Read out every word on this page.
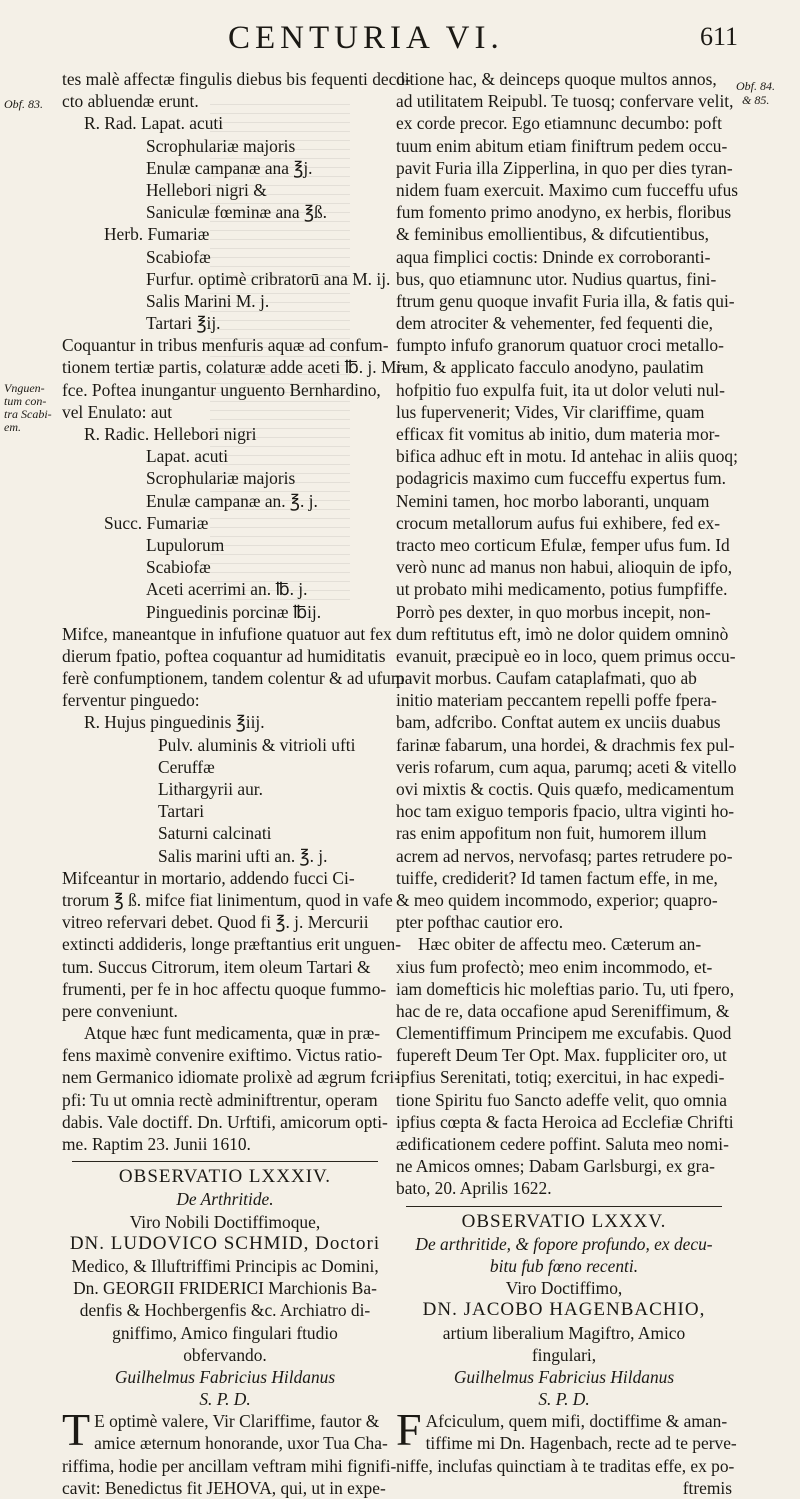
CENTURIA VI.	611
Obf. 83.
Obf. 84.
& 85.
Vnguen-
tum con-
tra Scabi-
em.
tes malè affectæ fingulis diebus bis fequenti deco-
cto abluendæ erunt.
R. Rad. Lapat. acuti
Scrophulariæ majoris
Enulæ campanæ ana ℥j.
Hellebori nigri &
Saniculæ fœminæ ana ℥ß.
Herb. Fumariæ
Scabiofæ
Furfur. optimè cribratorū ana M. ij.
Salis Marini M. j.
Tartari ℥ij.
Coquantur in tribus menfuris aquæ ad confum-
tionem tertiæ partis, colaturæ adde aceti ℔. j. Mi-
fce. Poftea inungantur unguento Bernhardino,
vel Enulato: aut
R. Radic. Hellebori nigri
Lapat. acuti
Scrophulariæ majoris
Enulæ campanæ an. ℥. j.
Succ. Fumariæ
Lupulorum
Scabiofæ
Aceti acerrimi an. ℔. j.
Pinguedinis porcinæ ℔ij.
Mifce, maneantque in infufione quatuor aut fex
dierum fpatio, poftea coquantur ad humiditatis
ferè confumptionem, tandem colentur & ad ufum
ferventur pinguedo:
R. Hujus pinguedinis ℥iij.
Pulv. aluminis & vitrioli ufti
Ceruffæ
Lithargyrii aur.
Tartari
Saturni calcinati
Salis marini ufti an. ℥. j.
Mifceantur in mortario, addendo fucci Ci-
trorum ℥ ß. mifce fiat linimentum, quod in vafe
vitreo refervari debet. Quod fi ℥. j. Mercurii
extincti addideris, longe præftantius erit unguen-
tum. Succus Citrorum, item oleum Tartari &
frumenti, per fe in hoc affectu quoque fummo-
pere conveniunt.
Atque hæc funt medicamenta, quæ in præ-
fens maximè convenire exiftimo. Victus ratio-
nem Germanico idiomate prolixè ad ægrum fcri-
pfi: Tu ut omnia rectè adminiftrentur, operam
dabis. Vale doctiff. Dn. Urftifi, amicorum opti-
me. Raptim 23. Junii 1610.
OBSERVATIO LXXXIV.
De Arthritide.
Viro Nobili Doctiffimoque,
DN. LUDOVICO SCHMID, Doctori
Medico, & Illuftriffimi Principis ac Domini,
Dn. GEORGII FRIDERICI Marchionis Ba-
denfis & Hochbergenfis &c. Archiatro di-
gniffimo, Amico fingulari ftudio
obfervando.
Guilhelmus Fabricius Hildanus
S. P. D.
T E optimè valere, Vir Clariffime, fautor &
amice æternum honorande, uxor Tua Cha-
riffima, hodie per ancillam veftram mihi fignifi-
cavit: Benedictus fit JEHOVA, qui, ut in expe-
ditione hac, & deinceps quoque multos annos,
ad utilitatem Reipubl. Te tuosq; confervare velit,
ex corde precor. Ego etiamnunc decumbo: poft
tuum enim abitum etiam finiftrum pedem occu-
pavit Furia illa Zipperlina, in quo per dies tyran-
nidem fuam exercuit. Maximo cum fucceffu ufus
fum fomento primo anodyno, ex herbis, floribus
& feminibus emollientibus, & difcutientibus,
aqua fimplici coctis: Dninde ex corroboranti-
bus, quo etiamnunc utor. Nudius quartus, fini-
ftrum genu quoque invafit Furia illa, & fatis qui-
dem atrociter & vehementer, fed fequenti die,
fumpto infufo granorum quatuor croci metallo-
rum, & applicato facculo anodyno, paulatim
hofpitio fuo expulfa fuit, ita ut dolor veluti nul-
lus fupervenerit; Vides, Vir clariffime, quam
efficax fit vomitus ab initio, dum materia mor-
bifica adhuc eft in motu. Id antehac in aliis quoq;
podagricis maximo cum fucceffu expertus fum.
Nemini tamen, hoc morbo laboranti, unquam
crocum metallorum aufus fui exhibere, fed ex-
tracto meo corticum Efulæ, femper ufus fum. Id
verò nunc ad manus non habui, alioquin de ipfo,
ut probato mihi medicamento, potius fumpfiffe.
Porrò pes dexter, in quo morbus incepit, non-
dum reftitutus eft, imò ne dolor quidem omninò
evanuit, præcipuè eo in loco, quem primus occu-
pavit morbus. Caufam cataplafmati, quo ab
initio materiam peccantem repelli poffe fpera-
bam, adfcribo. Conftat autem ex unciis duabus
farinæ fabarum, una hordei, & drachmis fex pul-
veris rofarum, cum aqua, parumq; aceti & vitello
ovi mixtis & coctis. Quis quæfo, medicamentum
hoc tam exiguo temporis fpacio, ultra viginti ho-
ras enim appofitum non fuit, humorem illum
acrem ad nervos, nervofasq; partes retrudere po-
tuiffe, crediderit? Id tamen factum effe, in me,
& meo quidem incommodo, experior; quapro-
pter pofthac cautior ero.
Hæc obiter de affectu meo. Cæterum an-
xius fum profectò; meo enim incommodo, et-
iam domefticis hic moleftias pario. Tu, uti fpero,
hac de re, data occafione apud Sereniffimum, &
Clementiffimum Principem me excufabis. Quod
fupereft Deum Ter Opt. Max. fuppliciter oro, ut
ipfius Serenitati, totiq; exercitui, in hac expedi-
tione Spiritu fuo Sancto adeffe velit, quo omnia
ipfius cœpta & facta Heroica ad Ecclefiæ Chrifti
ædificationem cedere poffint. Saluta meo nomi-
ne Amicos omnes; Dabam Garlsburgi, ex gra-
bato, 20. Aprilis 1622.
OBSERVATIO LXXXV.
De arthritide, & fopore profundo, ex decu-
bitu fub fœno recenti.
Viro Doctiffimo,
DN. JACOBO HAGENBACHIO,
artium liberalium Magiftro, Amico
fingulari,
Guilhelmus Fabricius Hildanus
S. P. D.
F Afciculum, quem mifi, doctiffime & aman-
tiffime mi Dn. Hagenbach, recte ad te perve-
niffe, inclufas quinctiam à te traditas effe, ex po-
ftremis
